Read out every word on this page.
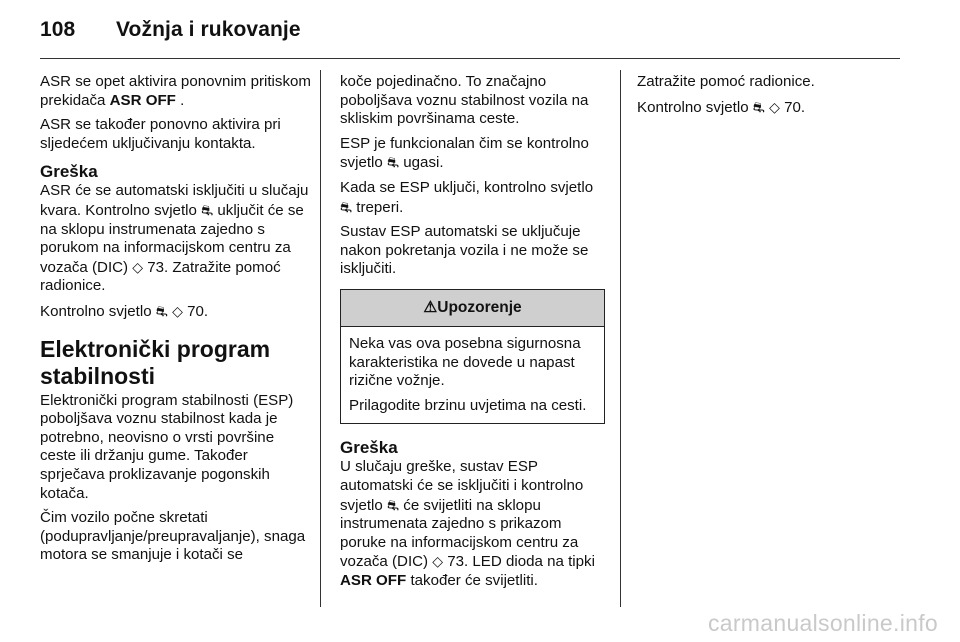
108 Vožnja i rukovanje

ASR se opet aktivira ponovnim pritiskom prekidača ASR OFF .

ASR se također ponovno aktivira pri sljedećem uključivanju kontakta.

Greška

ASR će se automatski isključiti u slučaju kvara. Kontrolno svjetlo ⛐ uključit će se na sklopu instrumenata zajedno s porukom na informacijskom centru za vozača (DIC) ◇ 73. Zatražite pomoć radionice.

Kontrolno svjetlo ⛐ ◇ 70.

Elektronički program stabilnosti

Elektronički program stabilnosti (ESP) poboljšava voznu stabilnost kada je potrebno, neovisno o vrsti površine ceste ili držanju gume. Također sprječava proklizavanje pogonskih kotača.

Čim vozilo počne skretati (podupravljanje/preupravaljanje), snaga motora se smanjuje i kotači se

koče pojedinačno. To značajno poboljšava voznu stabilnost vozila na skliskim površinama ceste.

ESP je funkcionalan čim se kontrolno svjetlo ⛐ ugasi.

Kada se ESP uključi, kontrolno svjetlo ⛐ treperi.

Sustav ESP automatski se uključuje nakon pokretanja vozila i ne može se isključiti.

⚠Upozorenje

Neka vas ova posebna sigurnosna karakteristika ne dovede u napast rizične vožnje.

Prilagodite brzinu uvjetima na cesti.

Greška

U slučaju greške, sustav ESP automatski će se isključiti i kontrolno svjetlo ⛐ će svijetliti na sklopu instrumenata zajedno s prikazom poruke na informacijskom centru za vozača (DIC) ◇ 73. LED dioda na tipki ASR OFF također će svijetliti.

Zatražite pomoć radionice.

Kontrolno svjetlo ⛐ ◇ 70.

carmanualsonline.info
